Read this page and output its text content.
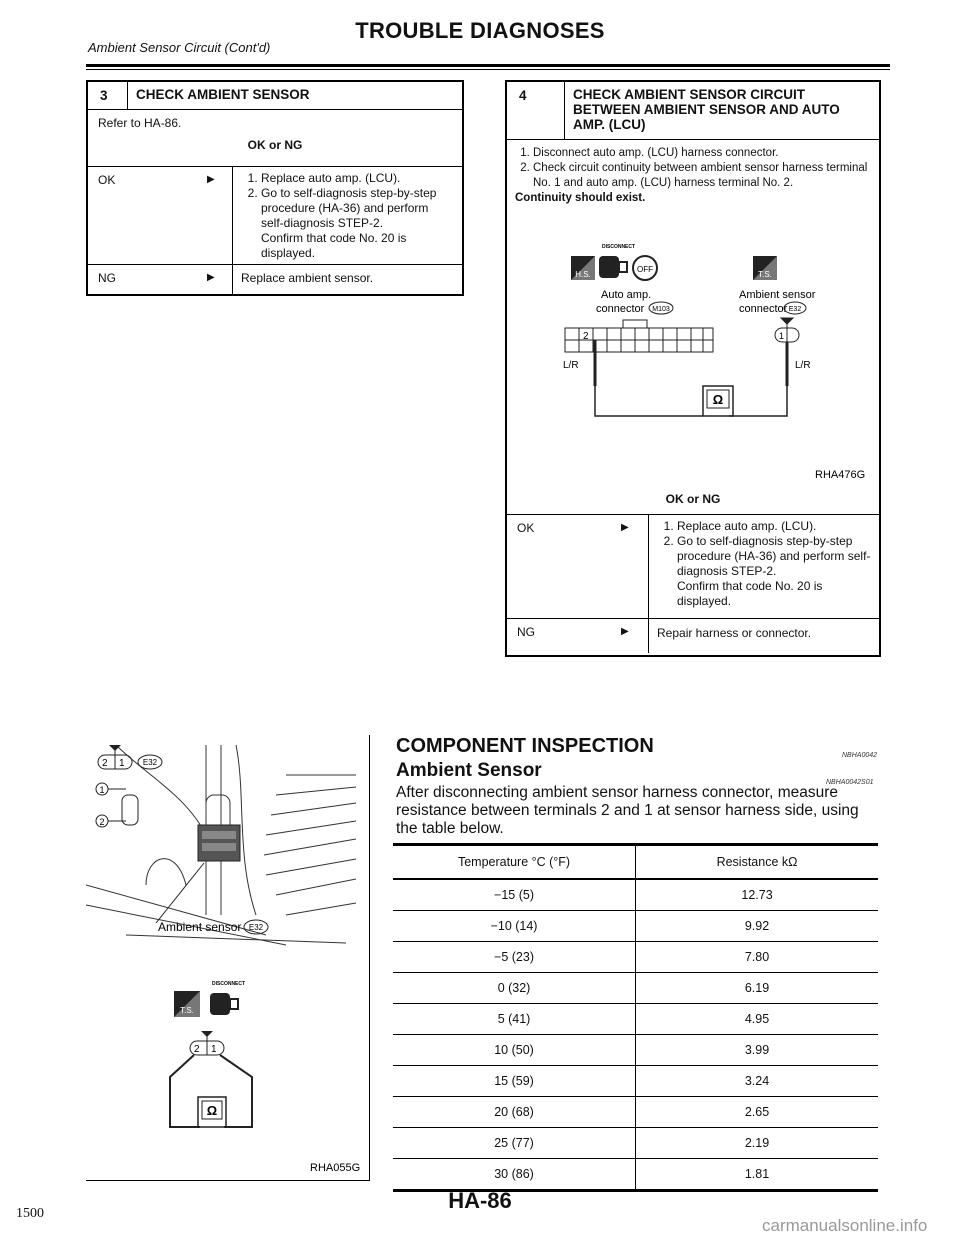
Ambient Sensor Circuit (Cont'd)
TROUBLE DIAGNOSES
3	CHECK AMBIENT SENSOR
Refer to HA-86.
OK or NG
OK	▶	1. Replace auto amp. (LCU).
2. Go to self-diagnosis step-by-step procedure (HA-36) and perform self-diagnosis STEP-2.
Confirm that code No. 20 is displayed.
NG	▶	Replace ambient sensor.
4	CHECK AMBIENT SENSOR CIRCUIT BETWEEN AMBIENT SENSOR AND AUTO AMP. (LCU)
1. Disconnect auto amp. (LCU) harness connector.
2. Check circuit continuity between ambient sensor harness terminal No. 1 and auto amp. (LCU) harness terminal No. 2.
Continuity should exist.
H.S.
DISCONNECT
OFF
T.S.
Auto amp.
connector M103
Ambient sensor
connector E32
2	1
L/R	L/R
Ω
RHA476G
OK or NG
OK	▶	1. Replace auto amp. (LCU).
2. Go to self-diagnosis step-by-step procedure (HA-36) and perform self-diagnosis STEP-2.
Confirm that code No. 20 is displayed.
NG	▶	Repair harness or connector.
2 1 E32
1
2
Ambient sensor E32
T.S.
DISCONNECT
2 1
Ω
RHA055G
COMPONENT INSPECTION	NBHA0042
Ambient Sensor
NBHA0042S01
After disconnecting ambient sensor harness connector, measure resistance between terminals 2 and 1 at sensor harness side, using the table below.
Temperature °C (°F)	Resistance kΩ
−15 (5)	12.73
−10 (14)	9.92
−5 (23)	7.80
0 (32)	6.19
5 (41)	4.95
10 (50)	3.99
15 (59)	3.24
20 (68)	2.65
25 (77)	2.19
30 (86)	1.81
HA-86
1500
carmanualsonline.info
